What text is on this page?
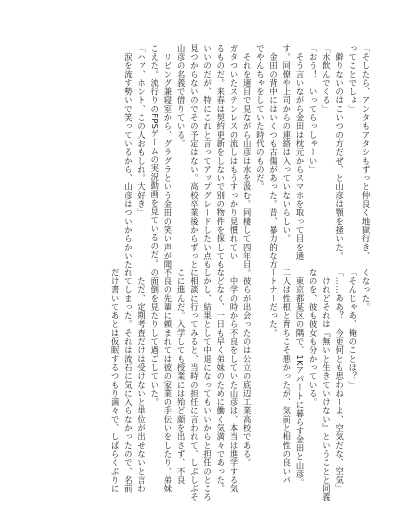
「そしたら、アンタもアタシもずっと仲良く地獄行き、
ってことでしょ」
　僻りないのはこいつの方だぜ、と山彦は顎を掻いた。
「水飲んでくる」
「おう！　いってらっしゃーい」
　そう言いながら金田は枕元からスマホを取って目を通
す。同僚や上司からの連絡は入っていないらしい。
　金田の背中にはいくつも古傷があった。昔、暴力的な方
でやんちゃをしていた時代のものだ。
　それを適目で見ながら山彦は水を汲む。同棲して四年目。
ガタついたステンレスの流しはもうすっかり見慣れてい
るものだ。来春は契約更新をしないで別の物件を探しても
いいのだが、特にこれと言ってアップグレードしたい点も
見つからないのでその予定はない。高校卒業後からずっと
山彦の名義で借りている。
　リビング兼寝室から、グラグラという金田の笑い声が聞
こえた。流行りのFPSゲームの実況動画を見ているのだ。
「ハァ、ホント、この人おもしれ。大好き」
　涙を流す勢いで笑っているから、山彦はついからかいた
くなった。
「そんじゃあ、俺のことは？」
「……ああ？　今更何とも思わねーよ、空気だな、空気」
　けれどそれは『無いと生きていけない』ということと同義
なのを、彼も彼女も分かっている。
　東京都某区の隅で、1Kアパートに暮らす金田と山彦。
二人は性根と育ちこそ悪かったが、気前と相性の良いパ
ートナーだった。

　彼らが出会ったのは公立の底辺工業高校である。
　中学の時から不良をしていた山彦は、本当は進学する気
などなく、一日も早く弟妹のために働く気満々であった。
しかし、結果として中退になってもいいからと担任のところ
に相談に行ってみると、当時の担任に言われて、しぶしぶそ
こに進んだ。入学しても授業には殆ど顔を出さず、不良
不良の先輩に頼まれては彼の家業の手伝いをしたり、弟妹
の面倒を見たりして過ごしていた。
　ただ、定期考査だけは受けないと単位が出せないと言わ
れてしまった。それは流石に気に入らなかったので、名前
だけ書いてあとは仮眠するつもり満々で、しばらくぶりに
